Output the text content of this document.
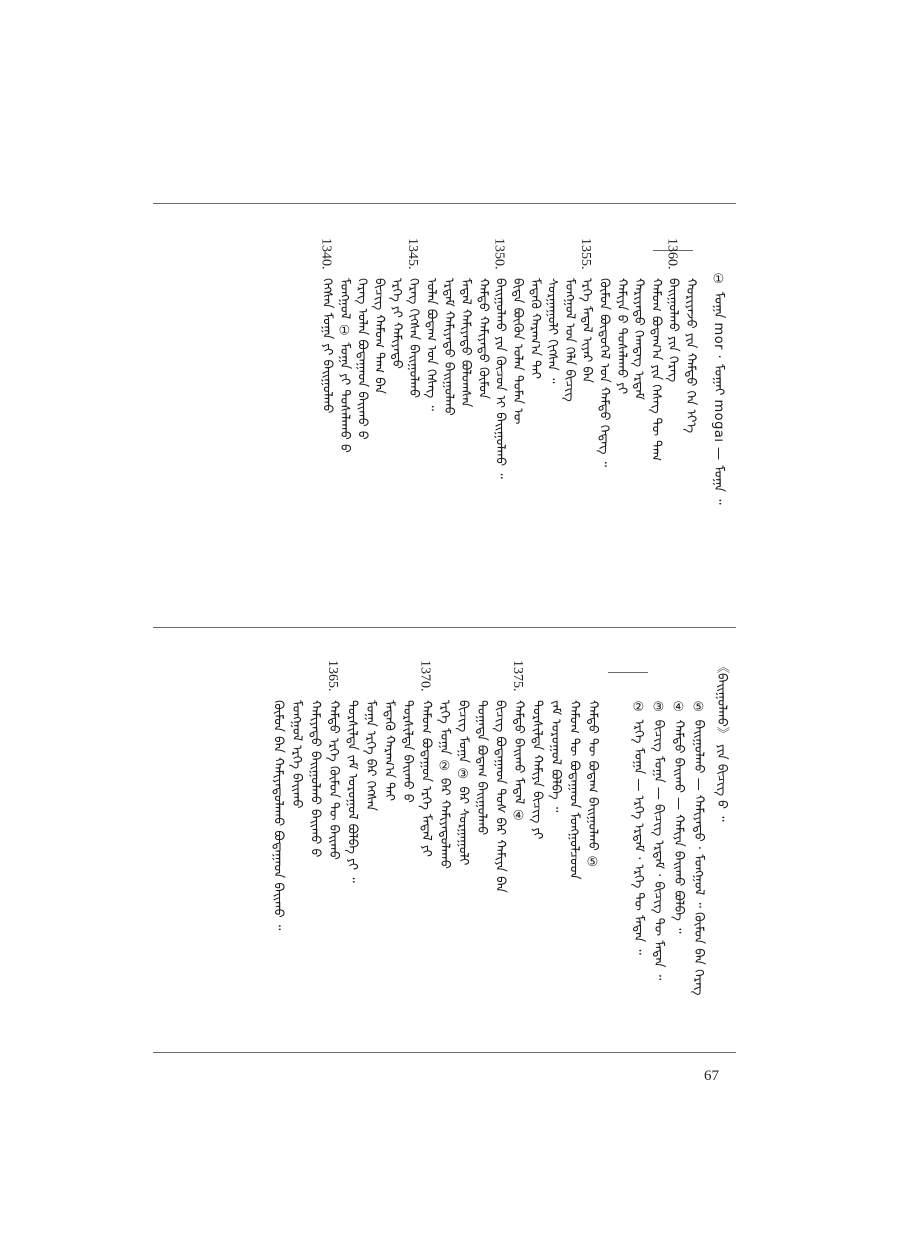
① ᠮᠣᠭᠠ mor · ᠮᠣᠭᠠᠢ mogaı — ᠮᠣᠭᠠ ᠃
ᠬᠤᠷᠢᠶᠠᠵᠤ ᠶᠢᠨ ᠬᠠᠮᠲᠤ ᠭᠡᠨ ᠡᠶ᠎ᠡ
ᠪᠠᠢᠭᠤᠯᠬᠤ ᠶᠢᠨ ᠬᠡᠷᠡᠭ
1360.
ᠬᠠᠮᠤᠭ ᠪᠤᠳᠠᠭ᠎ᠠ ᠶᠢᠨ ᠬᠡᠰᠡᠭ ᠲᠦ ᠲᠠᠭ
ᠬᠠᠷᠢᠶᠠᠲᠤ ᠬᠡᠭ᠍ᠳᠡᠭ ᠡᠷᠳᠡᠮ
ᠬᠠᠮᠢᠶᠠ ᠪ ᠲᠤᠰᠠᠯᠠᠬᠤ ᠶᠢ
ᠬᠦᠮᠦᠨ ᠪᠦᠲᠦᠭᠡᠯ ᠤᠨ ᠬᠠᠮᠲᠤ ᠭᠡᠳᠡᠭ ᠃
ᠡᠷᠬᠡ ᠮᠡᠳᠡᠯ ᠢᠶᠡᠷ ᠪᠡᠨ
1355.
ᠮᠣᠩᠭᠣᠯ ᠤᠨ ᠬᠡᠯᠡ ᠪᠢᠴᠢᠭ
ᠰᠤᠷᠭᠠᠭᠤᠯᠢ ᠬᠢᠭᠰᠡᠨ ᠃
ᠮᠡᠳᠡᠬᠦ ᠬᠠᠷᠠᠭ᠎ᠠ ᠲᠠᠢ
ᠪᠢᠳᠡ ᠪᠦᠬᠦᠨ ᠤᠯᠠᠨ ᠲᠤᠮᠡᠨ ᠦ
ᠪᠠᠢᠭᠤᠯᠬᠤ ᠶᠢᠨ ᠬᠦᠴᠦᠨ ᠢ ᠪᠠᠢᠭᠤᠯᠬᠤ ᠃
1350.
ᠬᠠᠮᠲᠤ ᠬᠠᠮᠢᠶᠠᠲᠤ ᠬᠦᠮᠦᠨ
ᠮᠡᠳᠡᠯ ᠬᠠᠮᠢᠶᠠᠲᠤ ᠪᠣᠯᠤᠭᠰᠠᠨ
ᠡᠷᠳᠡᠮ ᠬᠠᠮᠢᠶᠠᠲᠤ ᠪᠠᠢᠭᠤᠯᠬᠤ
ᠤᠯᠠᠨ ᠪᠤᠳᠠᠭ ᠤᠨ ᠬᠡᠰᠡᠭ ᠃
ᠬᠡᠷᠡᠭ ᠬᠢᠭᠰᠡᠨ ᠪᠠᠢᠭᠤᠯᠬᠤ
1345.
ᠡᠷᠬᠡ ᠶᠢ ᠬᠠᠮᠢᠶᠠᠲᠤ
ᠪᠢᠴᠢᠭ ᠬᠠᠮᠤᠭ ᠲᠠᠭ ᠪᠡᠨ
ᠬᠡᠷᠡᠭ ᠤᠯᠠᠨ ᠪᠤᠳᠠᠭᠠᠳ ᠪᠠᠢᠬᠤ ᠪ
ᠮᠣᠩᠭᠣᠯ ① ᠮᠣᠭᠠ ᠶᠢ ᠲᠤᠰᠠᠯᠠᠬᠤ ᠪ
ᠬᠡᠭᠰᠡᠨ ᠮᠣᠭᠠ ᠶᠢ ᠪᠠᠢᠭᠤᠯᠬᠤ
1340.
《ᠪᠠᠢᠭᠤᠯᠬᠤ》 ᠶᠢᠨ ᠪᠢᠴᠢᠭ ᠪ ᠃
⑤ ᠪᠠᠢᠭᠤᠯᠬᠤ — ᠬᠠᠮᠢᠶᠠᠲᠤ · ᠮᠣᠩᠭᠣᠯ ᠃ ᠬᠦᠮᠦᠨ ᠪᠡᠨ ᠬᠡᠷᠡᠭ
④ ᠬᠠᠮᠲᠤ ᠪᠠᠢᠬᠤ — ᠬᠠᠮᠢᠶᠠ ᠪᠠᠢᠬᠤ ᠪᠣᠯᠪᠠ ᠃
③ ᠪᠢᠴᠢᠭ ᠮᠣᠭᠠ — ᠪᠢᠴᠢᠭ ᠡᠷᠳᠡᠮ · ᠪᠢᠴᠢᠭ ᠲᠦ ᠮᠡᠳᠡᠨ ᠃
② ᠡᠷᠬᠡ ᠮᠣᠭᠠ — ᠡᠷᠬᠡ ᠡᠷᠳᠡᠮ · ᠡᠷᠬᠡ ᠲᠦ ᠮᠡᠳᠡᠨ ᠃
ᠬᠠᠮᠲᠤ ᠲᠦ ᠪᠤᠳᠠᠭ ᠪᠠᠢᠭᠤᠯᠬᠤ ⑤
ᠬᠠᠮᠤᠭ ᠲᠦ ᠪᠤᠳᠠᠭᠠᠳ ᠮᠣᠩᠭᠣᠯᠴᠤᠳ
ᠵᠠᠮ ᠤᠷᠤᠭᠤᠯ ᠪᠣᠯᠪᠠ ᠃
ᠲᠤᠷᠰᠢᠯᠲᠠ ᠬᠠᠮᠢᠶᠠ ᠪᠢᠴᠢᠭ ᠶᠢ
ᠬᠠᠮᠲᠤ ᠪᠠᠢᠬᠤ ᠮᠡᠳᠡᠯ ④
1375.
ᠪᠢᠴᠢᠭ ᠪᠤᠳᠠᠭᠠᠳ ᠲᠤᠰ ᠪᠡᠷ ᠬᠠᠮᠢᠶᠠ ᠪᠡᠨ
ᠲᠣᠭᠠᠲᠠ ᠪᠤᠳᠠᠭ ᠪᠠᠢᠭᠤᠯᠬᠤ
ᠪᠢᠴᠢᠭ ᠮᠣᠭᠠ ③ ᠪᠡᠷ ᠰᠤᠷᠭᠠᠭᠤᠯᠢ
ᠡᠷᠬᠡ ᠮᠣᠭᠠ ② ᠪᠡᠷ ᠬᠠᠮᠢᠶᠠᠲᠤᠯᠠᠬᠤ
ᠬᠠᠮᠤᠭ ᠪᠤᠳᠠᠭᠤᠨ ᠡᠷᠬᠡ ᠮᠡᠳᠡᠯ ᠶᠢ
1370.
ᠲᠤᠷᠰᠢᠯᠲᠠ ᠪᠠᠢᠬᠤ ᠪ
ᠮᠡᠳᠡᠬᠦ ᠬᠠᠷᠠᠭ᠎ᠠ ᠲᠠᠢ
ᠮᠣᠭᠠ ᠡᠷᠬᠡ ᠪᠡᠷ ᠬᠡᠭᠰᠡᠨ
ᠲᠤᠷᠰᠢᠯᠲᠠ ᠵᠠᠮ ᠤᠷᠤᠭᠤᠯ ᠪᠣᠯᠪᠠ ᠶᠢ ᠃
ᠬᠠᠮᠲᠤ ᠡᠷᠬᠡ ᠬᠦᠮᠦᠨ ᠲᠦ ᠪᠠᠢᠬᠤ
1365.
ᠬᠠᠮᠢᠶᠠᠲᠤ ᠪᠠᠢᠭᠤᠯᠬᠤ ᠪᠠᠢᠬᠤ ᠪ
ᠮᠣᠩᠭᠣᠯ ᠡᠷᠬᠡ ᠪᠠᠢᠬᠤ
ᠬᠦᠮᠦᠨ ᠪᠡᠨ ᠬᠠᠮᠢᠶᠠᠲᠤᠯᠠᠬᠤ ᠪᠤᠳᠠᠭᠠᠳ ᠪᠠᠢᠬᠤ ᠃
67
